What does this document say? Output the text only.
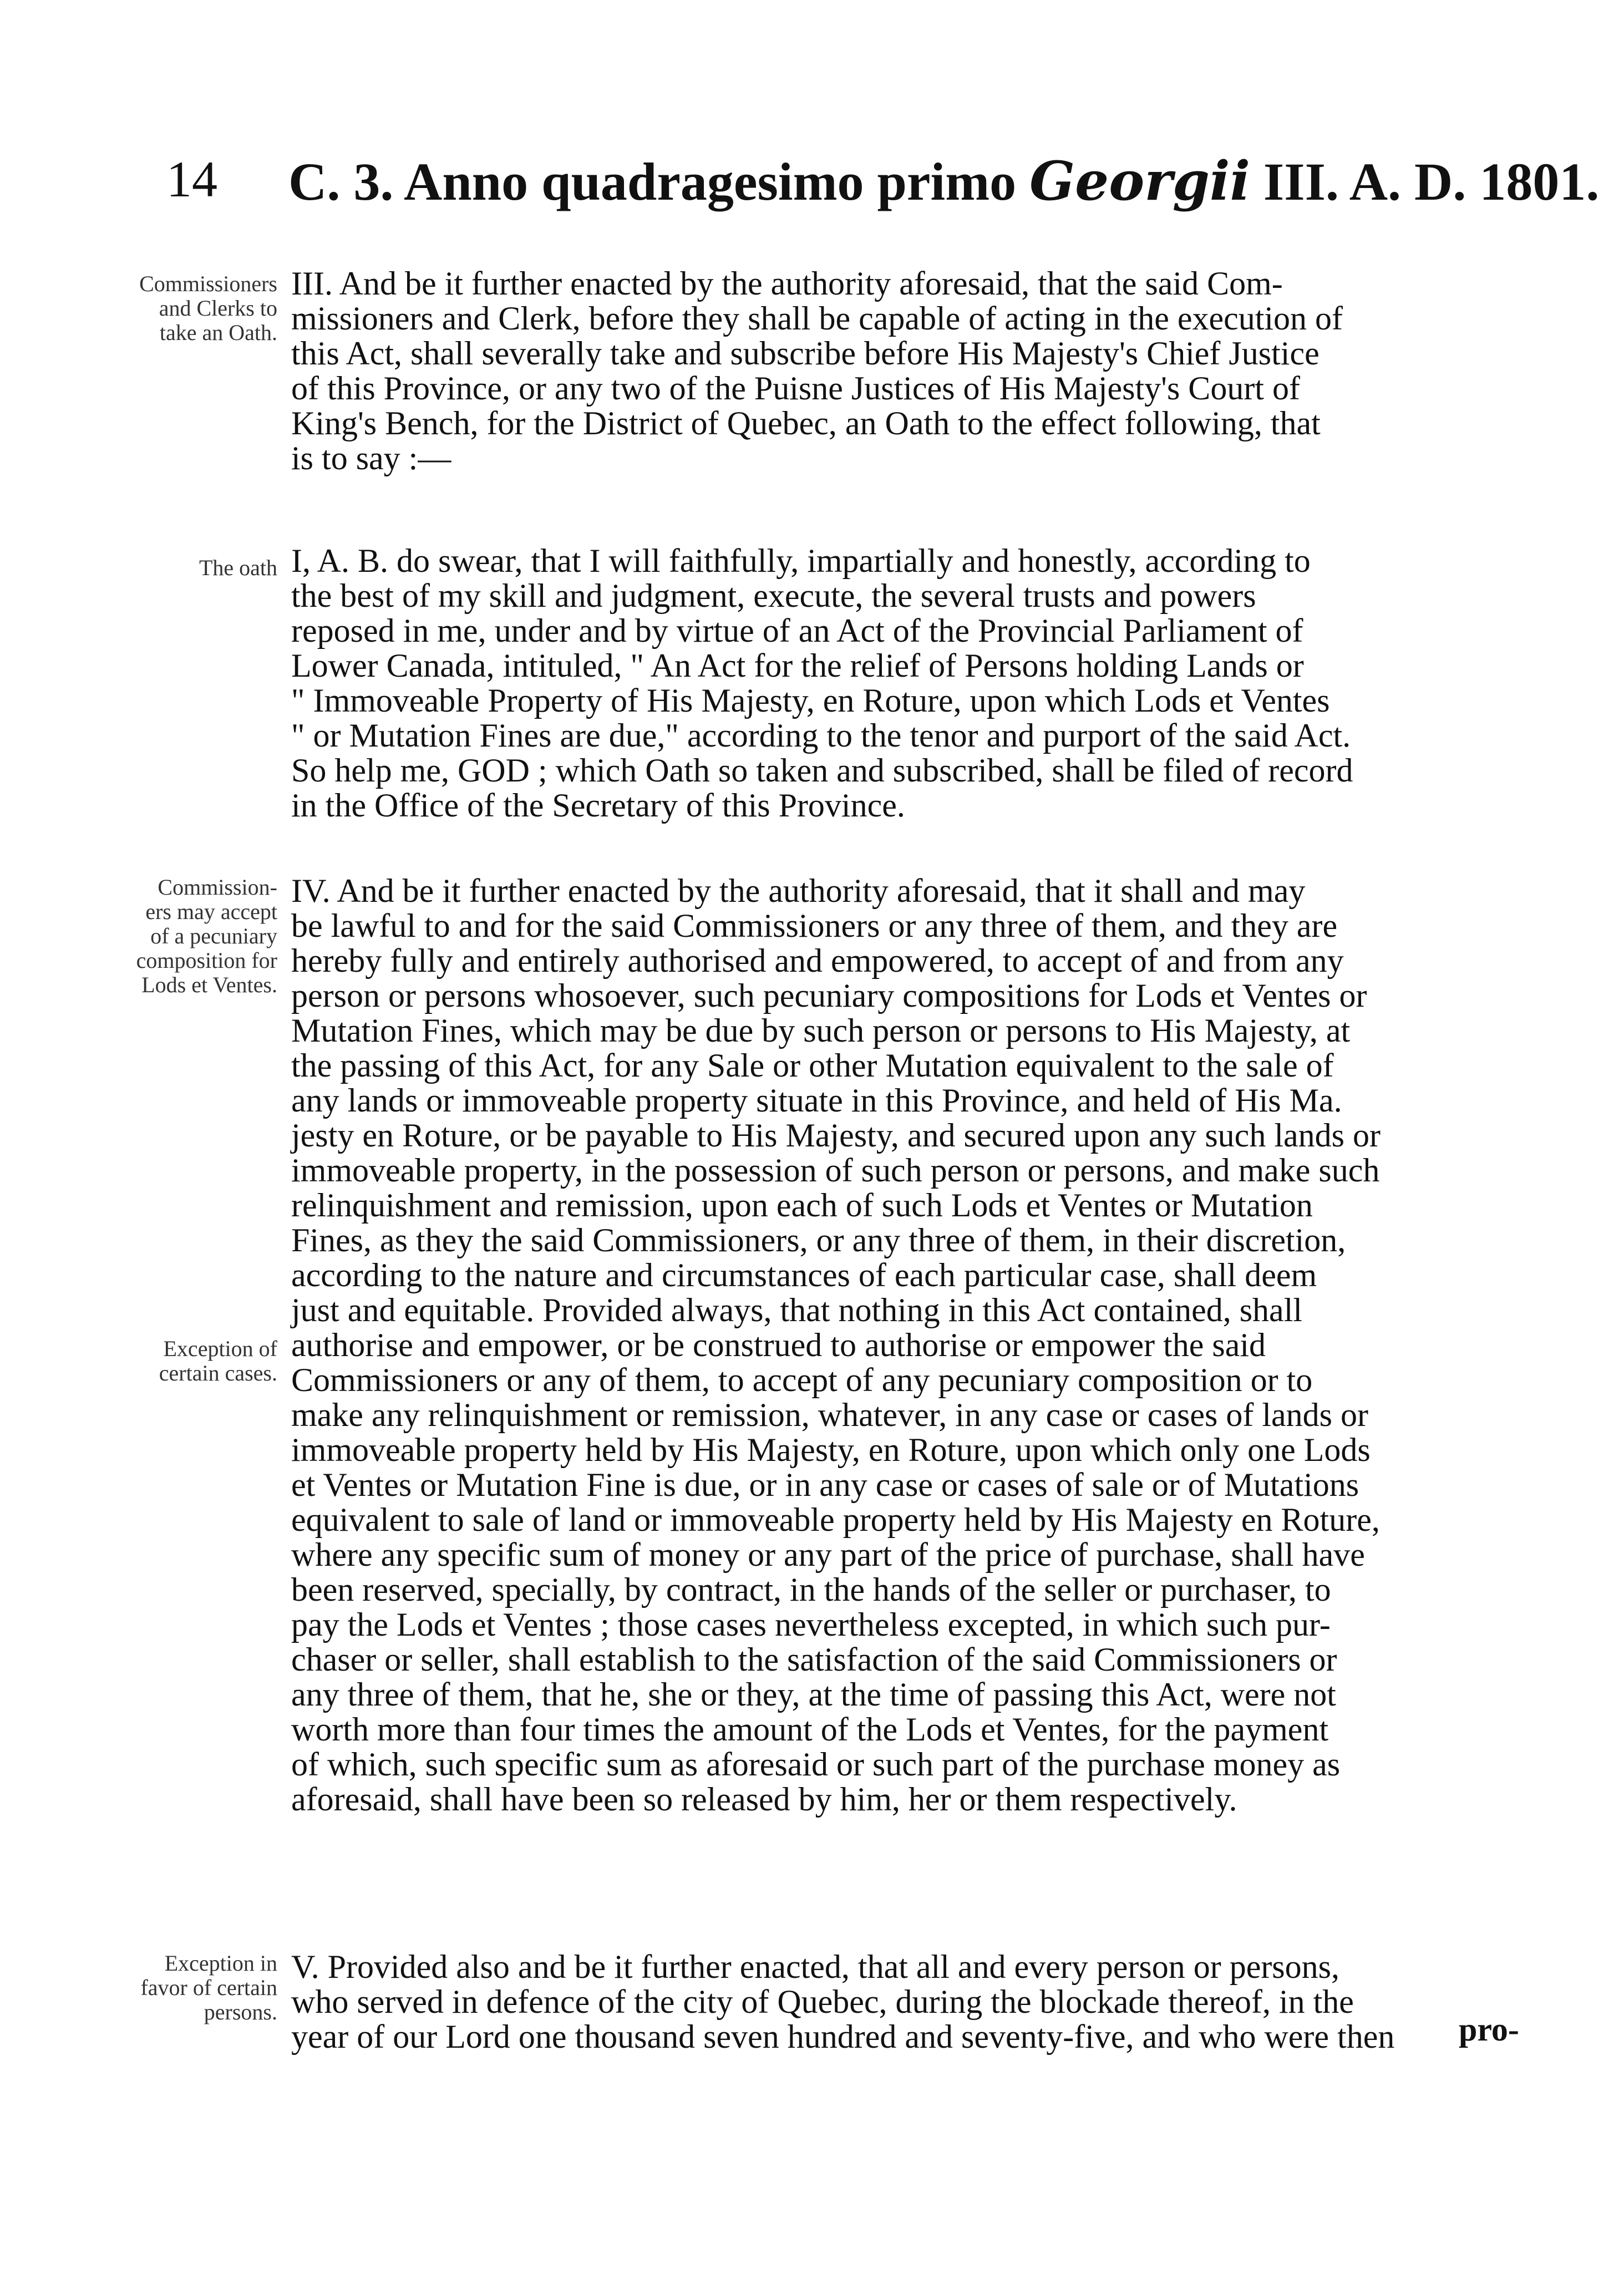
14 C. 3. Anno quadragesimo primo Georgii III. A. D. 1801.
Commissioners
and Clerks to
take an Oath.
The oath
Commission-
ers may accept
of a pecuniary
composition for
Lods et Ventes.
Exception of
certain cases.
Exception in
favor of certain
persons.
III. And be it further enacted by the authority aforesaid, that the said Com-
missioners and Clerk, before they shall be capable of acting in the execution of
this Act, shall severally take and subscribe before His Majesty's Chief Justice
of this Province, or any two of the Puisne Justices of His Majesty's Court of
King's Bench, for the District of Quebec, an Oath to the effect following, that
is to say :—
I, A. B. do swear, that I will faithfully, impartially and honestly, according to
the best of my skill and judgment, execute, the several trusts and powers
reposed in me, under and by virtue of an Act of the Provincial Parliament of
Lower Canada, intituled, " An Act for the relief of Persons holding Lands or
" Immoveable Property of His Majesty, en Roture, upon which Lods et Ventes
" or Mutation Fines are due," according to the tenor and purport of the said Act.
So help me, GOD ; which Oath so taken and subscribed, shall be filed of record
in the Office of the Secretary of this Province.
IV. And be it further enacted by the authority aforesaid, that it shall and may
be lawful to and for the said Commissioners or any three of them, and they are
hereby fully and entirely authorised and empowered, to accept of and from any
person or persons whosoever, such pecuniary compositions for Lods et Ventes or
Mutation Fines, which may be due by such person or persons to His Majesty, at
the passing of this Act, for any Sale or other Mutation equivalent to the sale of
any lands or immoveable property situate in this Province, and held of His Ma.
jesty en Roture, or be payable to His Majesty, and secured upon any such lands or
immoveable property, in the possession of such person or persons, and make such
relinquishment and remission, upon each of such Lods et Ventes or Mutation
Fines, as they the said Commissioners, or any three of them, in their discretion,
according to the nature and circumstances of each particular case, shall deem
just and equitable. Provided always, that nothing in this Act contained, shall
authorise and empower, or be construed to authorise or empower the said
Commissioners or any of them, to accept of any pecuniary composition or to
make any relinquishment or remission, whatever, in any case or cases of lands or
immoveable property held by His Majesty, en Roture, upon which only one Lods
et Ventes or Mutation Fine is due, or in any case or cases of sale or of Mutations
equivalent to sale of land or immoveable property held by His Majesty en Roture,
where any specific sum of money or any part of the price of purchase, shall have
been reserved, specially, by contract, in the hands of the seller or purchaser, to
pay the Lods et Ventes ; those cases nevertheless excepted, in which such pur-
chaser or seller, shall establish to the satisfaction of the said Commissioners or
any three of them, that he, she or they, at the time of passing this Act, were not
worth more than four times the amount of the Lods et Ventes, for the payment
of which, such specific sum as aforesaid or such part of the purchase money as
aforesaid, shall have been so released by him, her or them respectively.
V. Provided also and be it further enacted, that all and every person or persons,
who served in defence of the city of Quebec, during the blockade thereof, in the
year of our Lord one thousand seven hundred and seventy-five, and who were then	pro-
